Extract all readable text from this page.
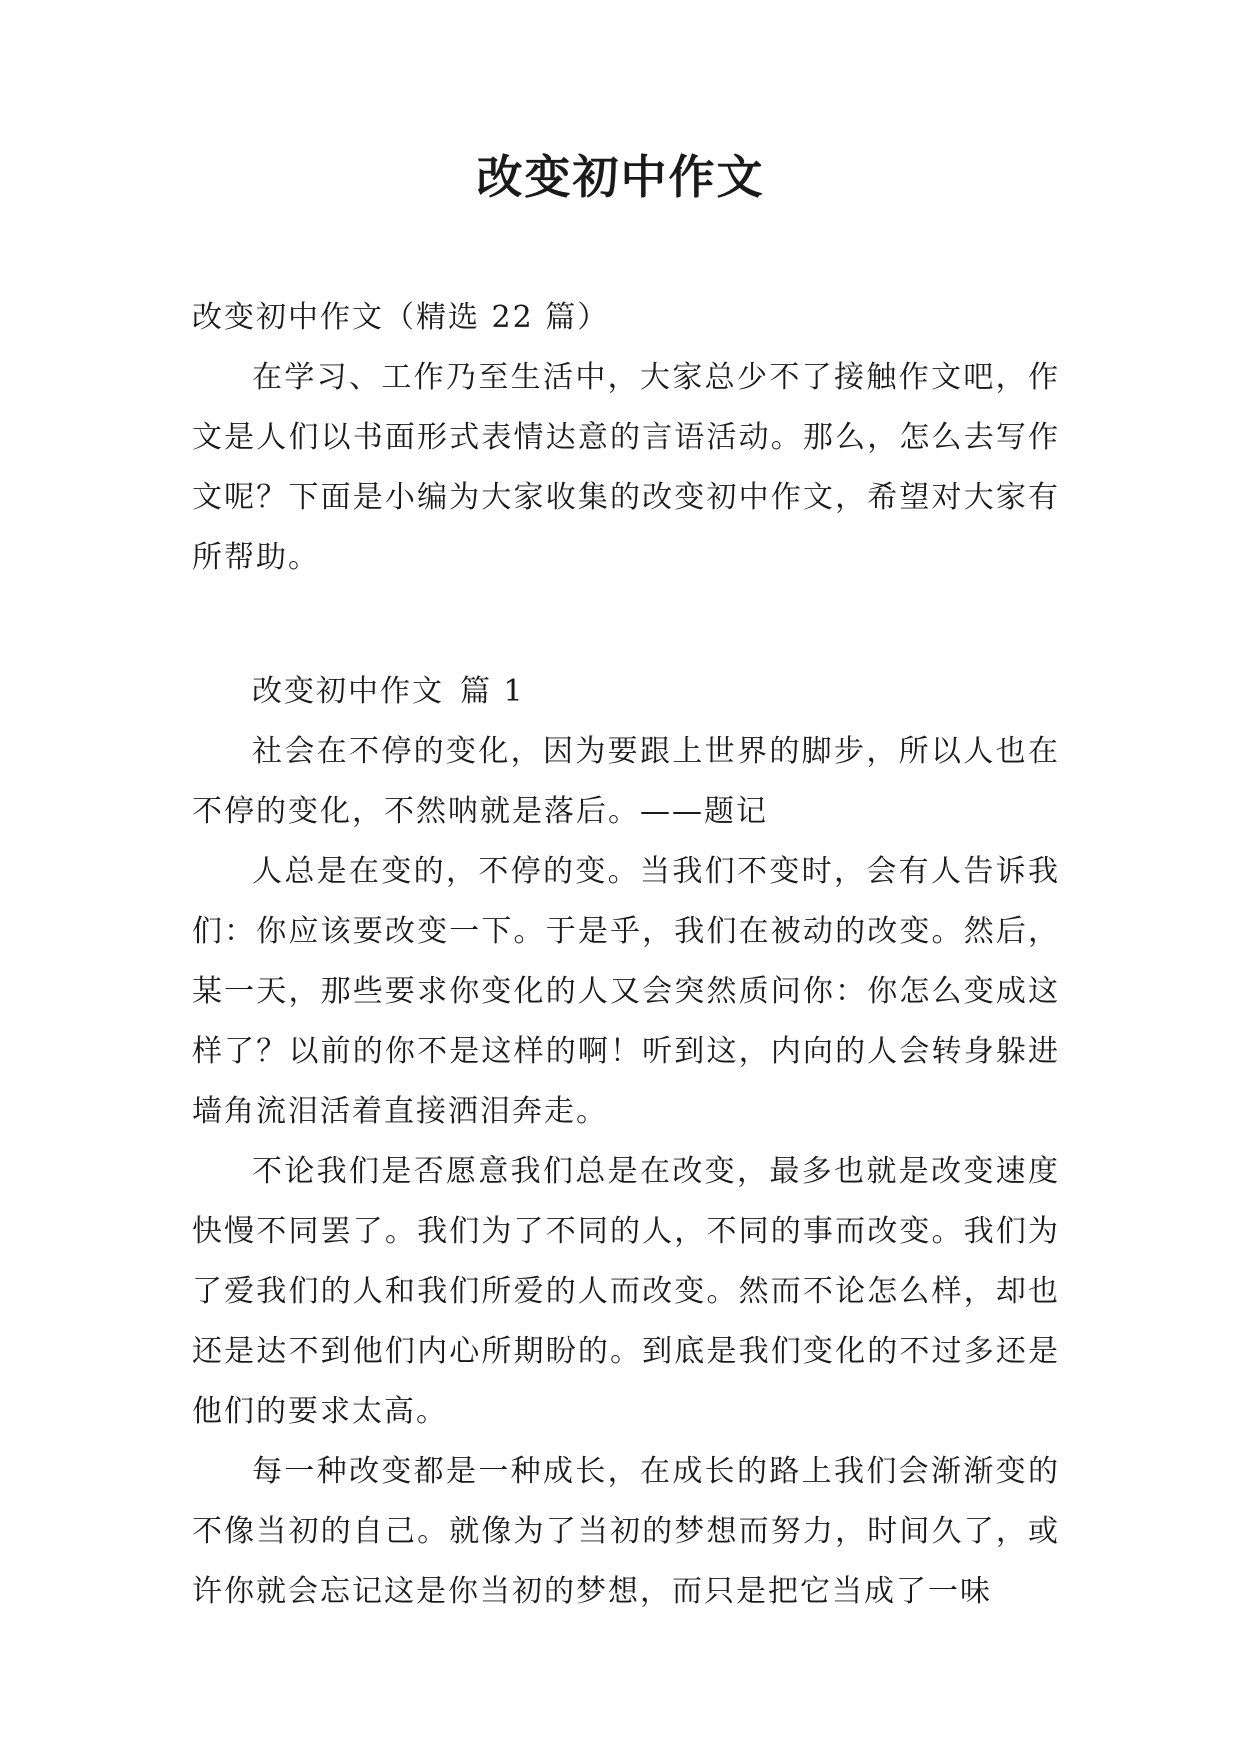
改变初中作文

改变初中作文（精选 22 篇）

在学习、工作乃至生活中，大家总少不了接触作文吧，作文是人们以书面形式表情达意的言语活动。那么，怎么去写作文呢？下面是小编为大家收集的改变初中作文，希望对大家有所帮助。

改变初中作文 篇 1

社会在不停的变化，因为要跟上世界的脚步，所以人也在不停的变化，不然呐就是落后。——题记

人总是在变的，不停的变。当我们不变时，会有人告诉我们：你应该要改变一下。于是乎，我们在被动的改变。然后，某一天，那些要求你变化的人又会突然质问你：你怎么变成这样了？以前的你不是这样的啊！听到这，内向的人会转身躲进墙角流泪活着直接洒泪奔走。

不论我们是否愿意我们总是在改变，最多也就是改变速度快慢不同罢了。我们为了不同的人，不同的事而改变。我们为了爱我们的人和我们所爱的人而改变。然而不论怎么样，却也还是达不到他们内心所期盼的。到底是我们变化的不过多还是他们的要求太高。

每一种改变都是一种成长，在成长的路上我们会渐渐变的不像当初的自己。就像为了当初的梦想而努力，时间久了，或许你就会忘记这是你当初的梦想，而只是把它当成了一味
